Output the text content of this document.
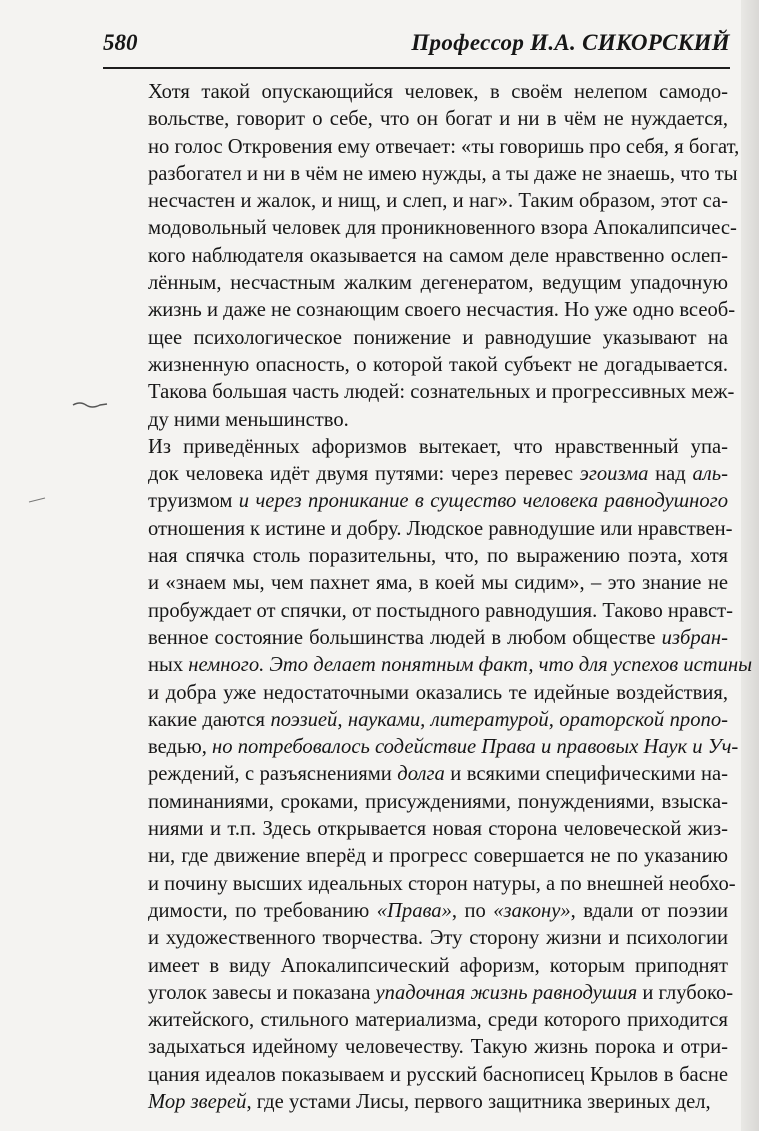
580	Профессор И.А. СИКОРСКИЙ
Хотя такой опускающийся человек, в своём нелепом самодо-
вольстве, говорит о себе, что он богат и ни в чём не нуждается,
но голос Откровения ему отвечает: «ты говоришь про себя, я богат,
разбогател и ни в чём не имею нужды, а ты даже не знаешь, что ты
несчастен и жалок, и нищ, и слеп, и наг». Таким образом, этот са-
модовольный человек для проникновенного взора Апокалипсичес-
кого наблюдателя оказывается на самом деле нравственно ослеп-
лённым, несчастным жалким дегенератом, ведущим упадочную
жизнь и даже не сознающим своего несчастия. Но уже одно всеоб-
щее психологическое понижение и равнодушие указывают на
жизненную опасность, о которой такой субъект не догадывается.
Такова большая часть людей: сознательных и прогрессивных меж-
ду ними меньшинство.
Из приведённых афоризмов вытекает, что нравственный упа-
док человека идёт двумя путями: через перевес эгоизма над аль-
труизмом и через проникание в существо человека равнодушного
отношения к истине и добру. Людское равнодушие или нравствен-
ная спячка столь поразительны, что, по выражению поэта, хотя
и «знаем мы, чем пахнет яма, в коей мы сидим», – это знание не
пробуждает от спячки, от постыдного равнодушия. Таково нравст-
венное состояние большинства людей в любом обществе избран-
ных немного. Это делает понятным факт, что для успехов истины
и добра уже недостаточными оказались те идейные воздействия,
какие даются поэзией, науками, литературой, ораторской пропо-
ведью, но потребовалось содействие Права и правовых Наук и Уч-
реждений, с разъяснениями долга и всякими специфическими на-
поминаниями, сроками, присуждениями, понуждениями, взыска-
ниями и т.п. Здесь открывается новая сторона человеческой жиз-
ни, где движение вперёд и прогресс совершается не по указанию
и почину высших идеальных сторон натуры, а по внешней необхо-
димости, по требованию «Права», по «закону», вдали от поэзии
и художественного творчества. Эту сторону жизни и психологии
имеет в виду Апокалипсический афоризм, которым приподнят
уголок завесы и показана упадочная жизнь равнодушия и глубоко-
житейского, стильного материализма, среди которого приходится
задыхаться идейному человечеству. Такую жизнь порока и отри-
цания идеалов показываем и русский баснописец Крылов в басне
Мор зверей, где устами Лисы, первого защитника звериных дел,
